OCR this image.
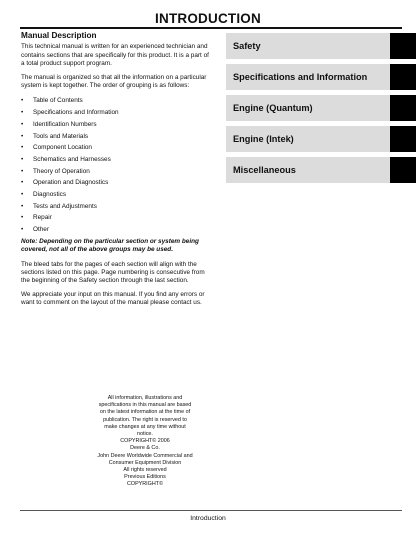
INTRODUCTION
Manual Description

This technical manual is written for an experienced technician and contains sections that are specifically for this product. It is a part of a total product support program.

The manual is organized so that all the information on a particular system is kept together. The order of grouping is as follows:

• Table of Contents
• Specifications and Information
• Identification Numbers
• Tools and Materials
• Component Location
• Schematics and Harnesses
• Theory of Operation
• Operation and Diagnostics
• Diagnostics
• Tests and Adjustments
• Repair
• Other

Note: Depending on the particular section or system being covered, not all of the above groups may be used.

The bleed tabs for the pages of each section will align with the sections listed on this page. Page numbering is consecutive from the beginning of the Safety section through the last section.

We appreciate your input on this manual. If you find any errors or want to comment on the layout of the manual please contact us.

Safety
Specifications and Information
Engine (Quantum)
Engine (Intek)
Miscellaneous

All information, illustrations and

specifications in this manual are based

on the latest information at the time of

publication. The right is reserved to

make changes at any time without

notice.

COPYRIGHT© 2006

Deere & Co.

John Deere Worldwide Commercial and

Consumer Equipment Division

All rights reserved

Previous Editions

COPYRIGHT©

Introduction
